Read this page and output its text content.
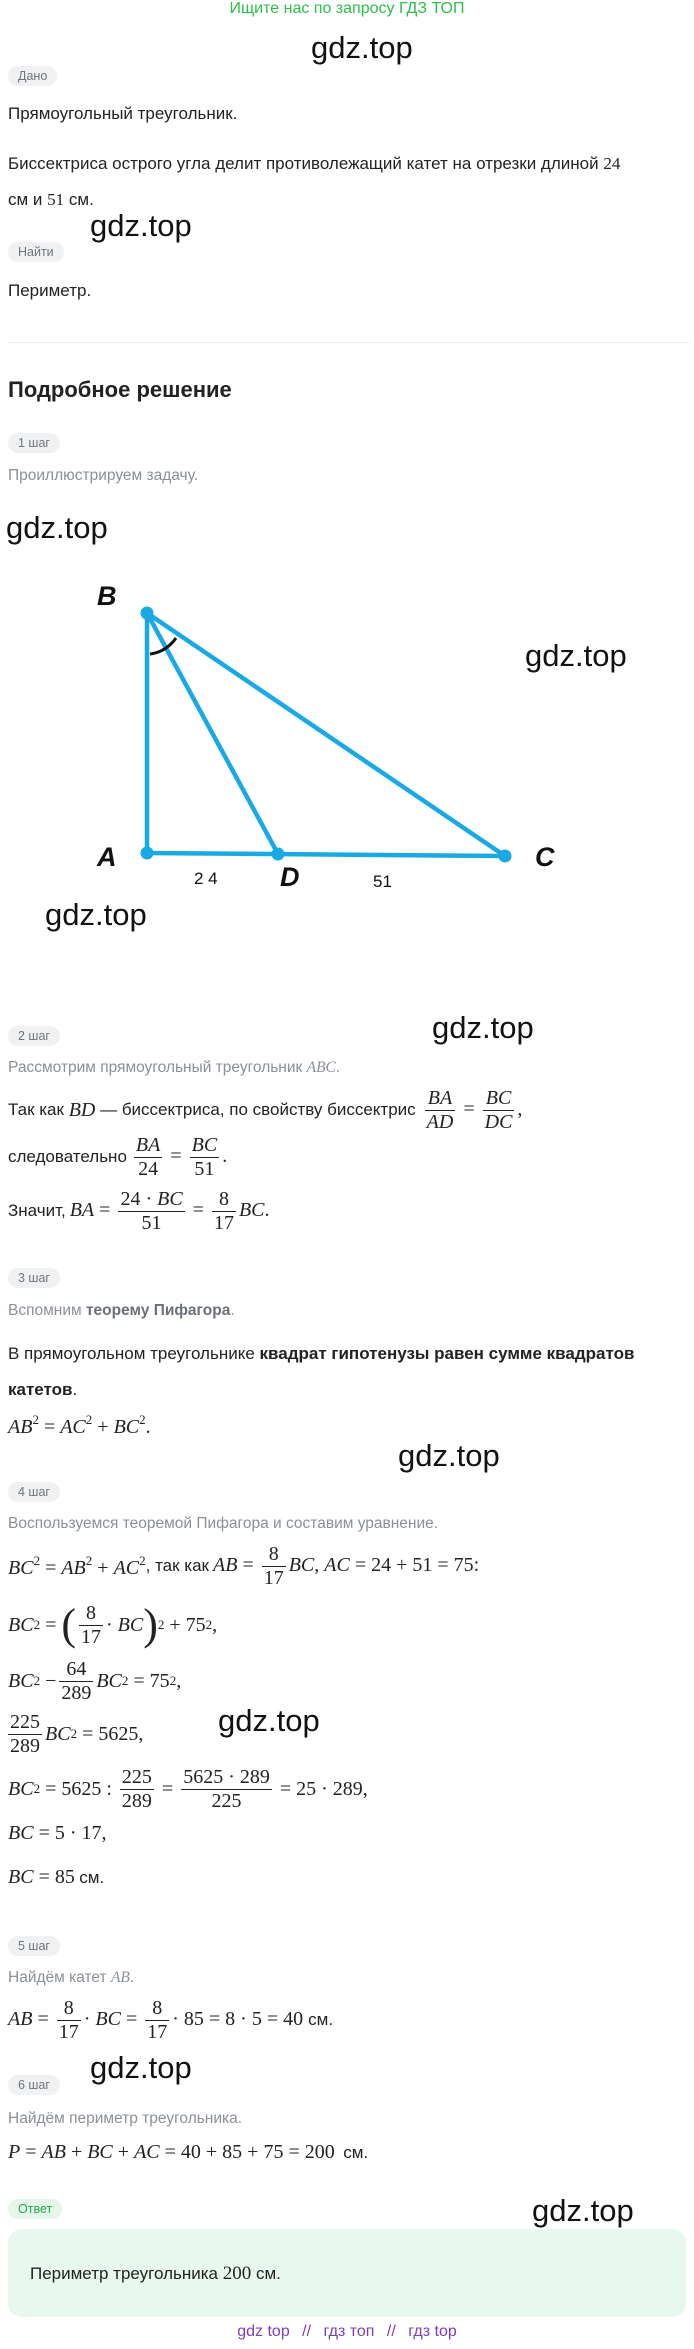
Ищите нас по запросу ГДЗ ТОП
gdz.top
gdz.top
gdz.top
gdz.top
gdz.top
gdz.top
gdz.top
gdz.top
gdz.top
gdz.top
Дано
Прямоугольный треугольник.
Биссектриса острого угла делит противолежащий катет на отрезки длиной 24
см и 51 см.
Найти
Периметр.
Подробное решение
1 шаг
Проиллюстрируем задачу.
B
A
D
C
2 4	51
2 шаг
Рассмотрим прямоугольный треугольник ABC.
Так как
BD
— биссектриса, по свойству биссектрис $\frac{BA}{AD} = \frac{BC}{DC}$ ,
следовательно $\frac{BA}{24} = \frac{BC}{51}$ .
Значит, BA = $\frac{24 \cdot BC}{51} = \frac{8}{17}$ BC.
3 шаг
Вспомним теорему Пифагора.
В прямоугольном треугольнике квадрат гипотенузы равен сумме квадратов
катетов.
$AB^2 = AC^2 + BC^2$.
4 шаг
Воспользуемся теоремой Пифагора и составим уравнение.
$BC^2 = AB^2 + AC^2$ , так как AB = $\frac{8}{17}$ BC, AC = 24 + 51 = 75:
BC 2 = ( $\frac{8}{17}$ · BC ) 2 + 75 2 ,
BC $2 - \frac{64}{289}$ BC 2 = 75 2 ,
$\frac{225}{289}$ BC 2 = 5625,
BC 2 = 5625 : $\frac{225}{289} = \frac{5625 \cdot 289}{225} = 25 \cdot 289$,
BC = 5 · 17,
BC = 85 см.
5 шаг
Найдём катет AB.
AB = $\frac{8}{17}$ · BC = $\frac{8}{17} \cdot 85 = 8 \cdot 5 = 40$ см.
6 шаг
Найдём периметр треугольника.
P = AB + BC + AC = 40 + 85 + 75 = 200 см.
Ответ
Периметр треугольника 200 см.
gdz top // гдз топ // гдз top
